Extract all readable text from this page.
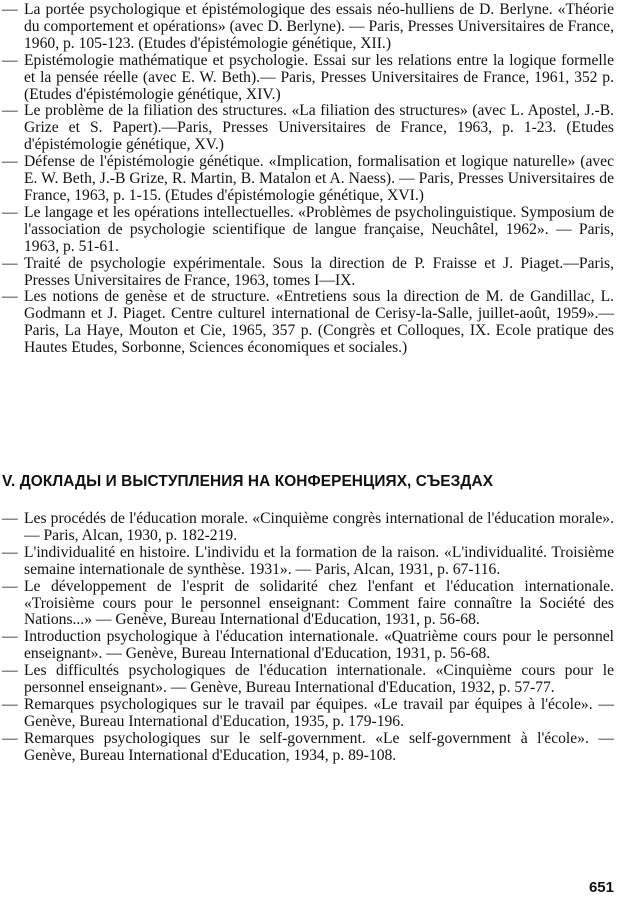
— La portée psychologique et épistémologique des essais néo-hulliens de D. Berlyne. «Théorie du comportement et opérations» (avec D. Berlyne). — Paris, Presses Universitaires de France, 1960, p. 105-123. (Etudes d'épistémologie génétique, XII.)
— Epistémologie mathématique et psychologie. Essai sur les relations entre la logique formelle et la pensée réelle (avec E. W. Beth).— Paris, Presses Universitaires de France, 1961, 352 p. (Etudes d'épistémologie génétique, XIV.)
— Le problème de la filiation des structures. «La filiation des structures» (avec L. Apostel, J.-B. Grize et S. Papert).—Paris, Presses Universitaires de France, 1963, p. 1-23. (Etudes d'épistémologie génétique, XV.)
— Défense de l'épistémologie génétique. «Implication, formalisation et logique naturelle» (avec E. W. Beth, J.-B Grize, R. Martin, B. Matalon et A. Naess). — Paris, Presses Universitaires de France, 1963, p. 1-15. (Etudes d'épistémologie génétique, XVI.)
— Le langage et les opérations intellectuelles. «Problèmes de psycholinguistique. Symposium de l'association de psychologie scientifique de langue française, Neuchâtel, 1962». — Paris, 1963, p. 51-61.
— Traité de psychologie expérimentale. Sous la direction de P. Fraisse et J. Piaget.—Paris, Presses Universitaires de France, 1963, tomes I—IX.
— Les notions de genèse et de structure. «Entretiens sous la direction de M. de Gandillac, L. Godmann et J. Piaget. Centre culturel international de Cerisy-la-Salle, juillet-août, 1959».— Paris, La Haye, Mouton et Cie, 1965, 357 p. (Congrès et Colloques, IX. Ecole pratique des Hautes Etudes, Sorbonne, Sciences économiques et sociales.)
V. ДОКЛАДЫ И ВЫСТУПЛЕНИЯ НА КОНФЕРЕНЦИЯХ, СЪЕЗДАХ
— Les procédés de l'éducation morale. «Cinquième congrès international de l'éducation morale». — Paris, Alcan, 1930, p. 182-219.
— L'individualité en histoire. L'individu et la formation de la raison. «L'individualité. Troisième semaine internationale de synthèse. 1931». — Paris, Alcan, 1931, p. 67-116.
— Le développement de l'esprit de solidarité chez l'enfant et l'éducation internationale. «Troisième cours pour le personnel enseignant: Comment faire connaître la Société des Nations...» — Genève, Bureau International d'Education, 1931, p. 56-68.
— Introduction psychologique à l'éducation internationale. «Quatrième cours pour le personnel enseignant». — Genève, Bureau International d'Education, 1931, p. 56-68.
— Les difficultés psychologiques de l'éducation internationale. «Cinquième cours pour le personnel enseignant». — Genève, Bureau International d'Education, 1932, p. 57-77.
— Remarques psychologiques sur le travail par équipes. «Le travail par équipes à l'école». — Genève, Bureau International d'Education, 1935, p. 179-196.
— Remarques psychologiques sur le self-government. «Le self-government à l'école». — Genève, Bureau International d'Education, 1934, p. 89-108.

651
